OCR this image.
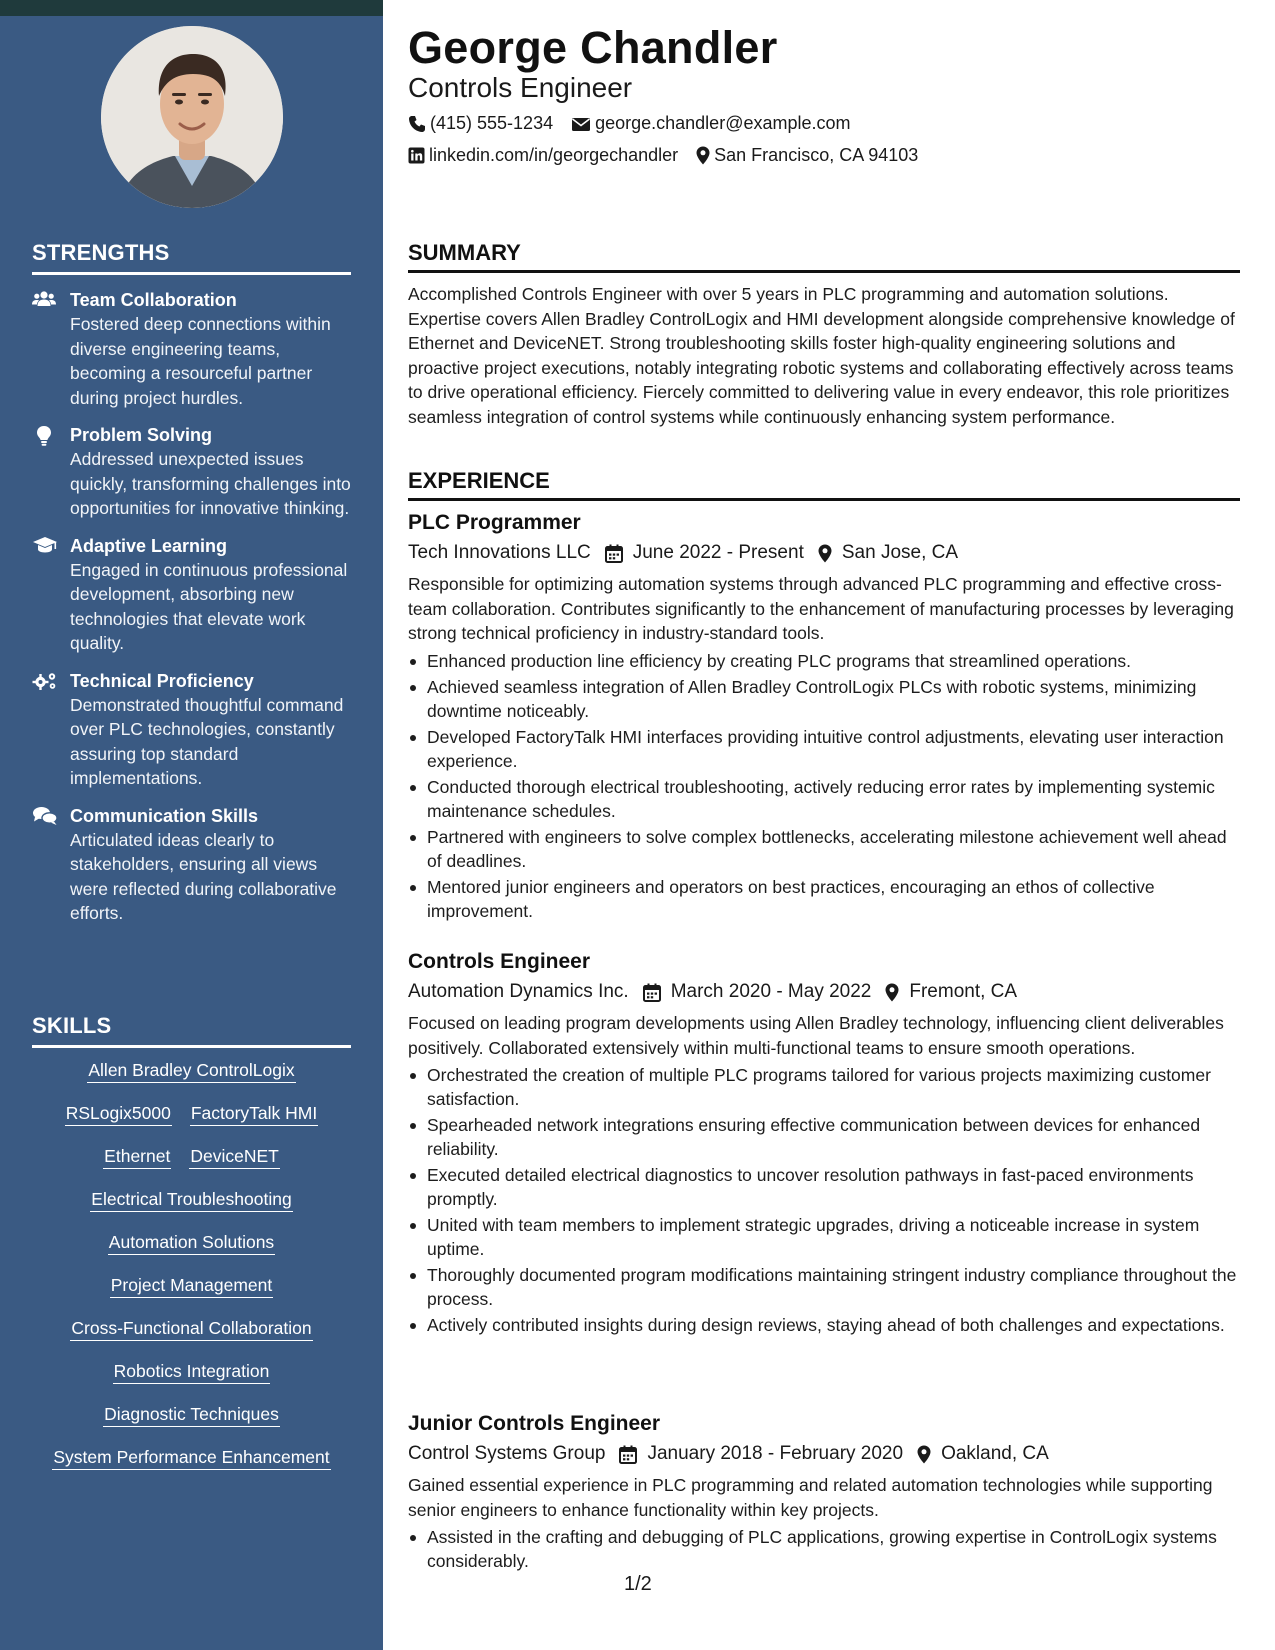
STRENGTHS
Team Collaboration
Fostered deep connections within diverse engineering teams, becoming a resourceful partner during project hurdles.
Problem Solving
Addressed unexpected issues quickly, transforming challenges into opportunities for innovative thinking.
Adaptive Learning
Engaged in continuous professional development, absorbing new technologies that elevate work quality.
Technical Proficiency
Demonstrated thoughtful command over PLC technologies, constantly assuring top standard implementations.
Communication Skills
Articulated ideas clearly to stakeholders, ensuring all views were reflected during collaborative efforts.
SKILLS
Allen Bradley ControlLogix
RSLogix5000 FactoryTalk HMI
Ethernet DeviceNET
Electrical Troubleshooting
Automation Solutions
Project Management
Cross-Functional Collaboration
Robotics Integration
Diagnostic Techniques
System Performance Enhancement
George Chandler
Controls Engineer
(415) 555-1234 george.chandler@example.com
linkedin.com/in/georgechandler San Francisco, CA 94103
SUMMARY
Accomplished Controls Engineer with over 5 years in PLC programming and automation solutions. Expertise covers Allen Bradley ControlLogix and HMI development alongside comprehensive knowledge of Ethernet and DeviceNET. Strong troubleshooting skills foster high-quality engineering solutions and proactive project executions, notably integrating robotic systems and collaborating effectively across teams to drive operational efficiency. Fiercely committed to delivering value in every endeavor, this role prioritizes seamless integration of control systems while continuously enhancing system performance.
EXPERIENCE
PLC Programmer
Tech Innovations LLC June 2022 - Present San Jose, CA
Responsible for optimizing automation systems through advanced PLC programming and effective cross-team collaboration. Contributes significantly to the enhancement of manufacturing processes by leveraging strong technical proficiency in industry-standard tools.
Enhanced production line efficiency by creating PLC programs that streamlined operations.
Achieved seamless integration of Allen Bradley ControlLogix PLCs with robotic systems, minimizing downtime noticeably.
Developed FactoryTalk HMI interfaces providing intuitive control adjustments, elevating user interaction experience.
Conducted thorough electrical troubleshooting, actively reducing error rates by implementing systemic maintenance schedules.
Partnered with engineers to solve complex bottlenecks, accelerating milestone achievement well ahead of deadlines.
Mentored junior engineers and operators on best practices, encouraging an ethos of collective improvement.
Controls Engineer
Automation Dynamics Inc. March 2020 - May 2022 Fremont, CA
Focused on leading program developments using Allen Bradley technology, influencing client deliverables positively. Collaborated extensively within multi-functional teams to ensure smooth operations.
Orchestrated the creation of multiple PLC programs tailored for various projects maximizing customer satisfaction.
Spearheaded network integrations ensuring effective communication between devices for enhanced reliability.
Executed detailed electrical diagnostics to uncover resolution pathways in fast-paced environments promptly.
United with team members to implement strategic upgrades, driving a noticeable increase in system uptime.
Thoroughly documented program modifications maintaining stringent industry compliance throughout the process.
Actively contributed insights during design reviews, staying ahead of both challenges and expectations.
Junior Controls Engineer
Control Systems Group January 2018 - February 2020 Oakland, CA
Gained essential experience in PLC programming and related automation technologies while supporting senior engineers to enhance functionality within key projects.
Assisted in the crafting and debugging of PLC applications, growing expertise in ControlLogix systems considerably.
1/2
